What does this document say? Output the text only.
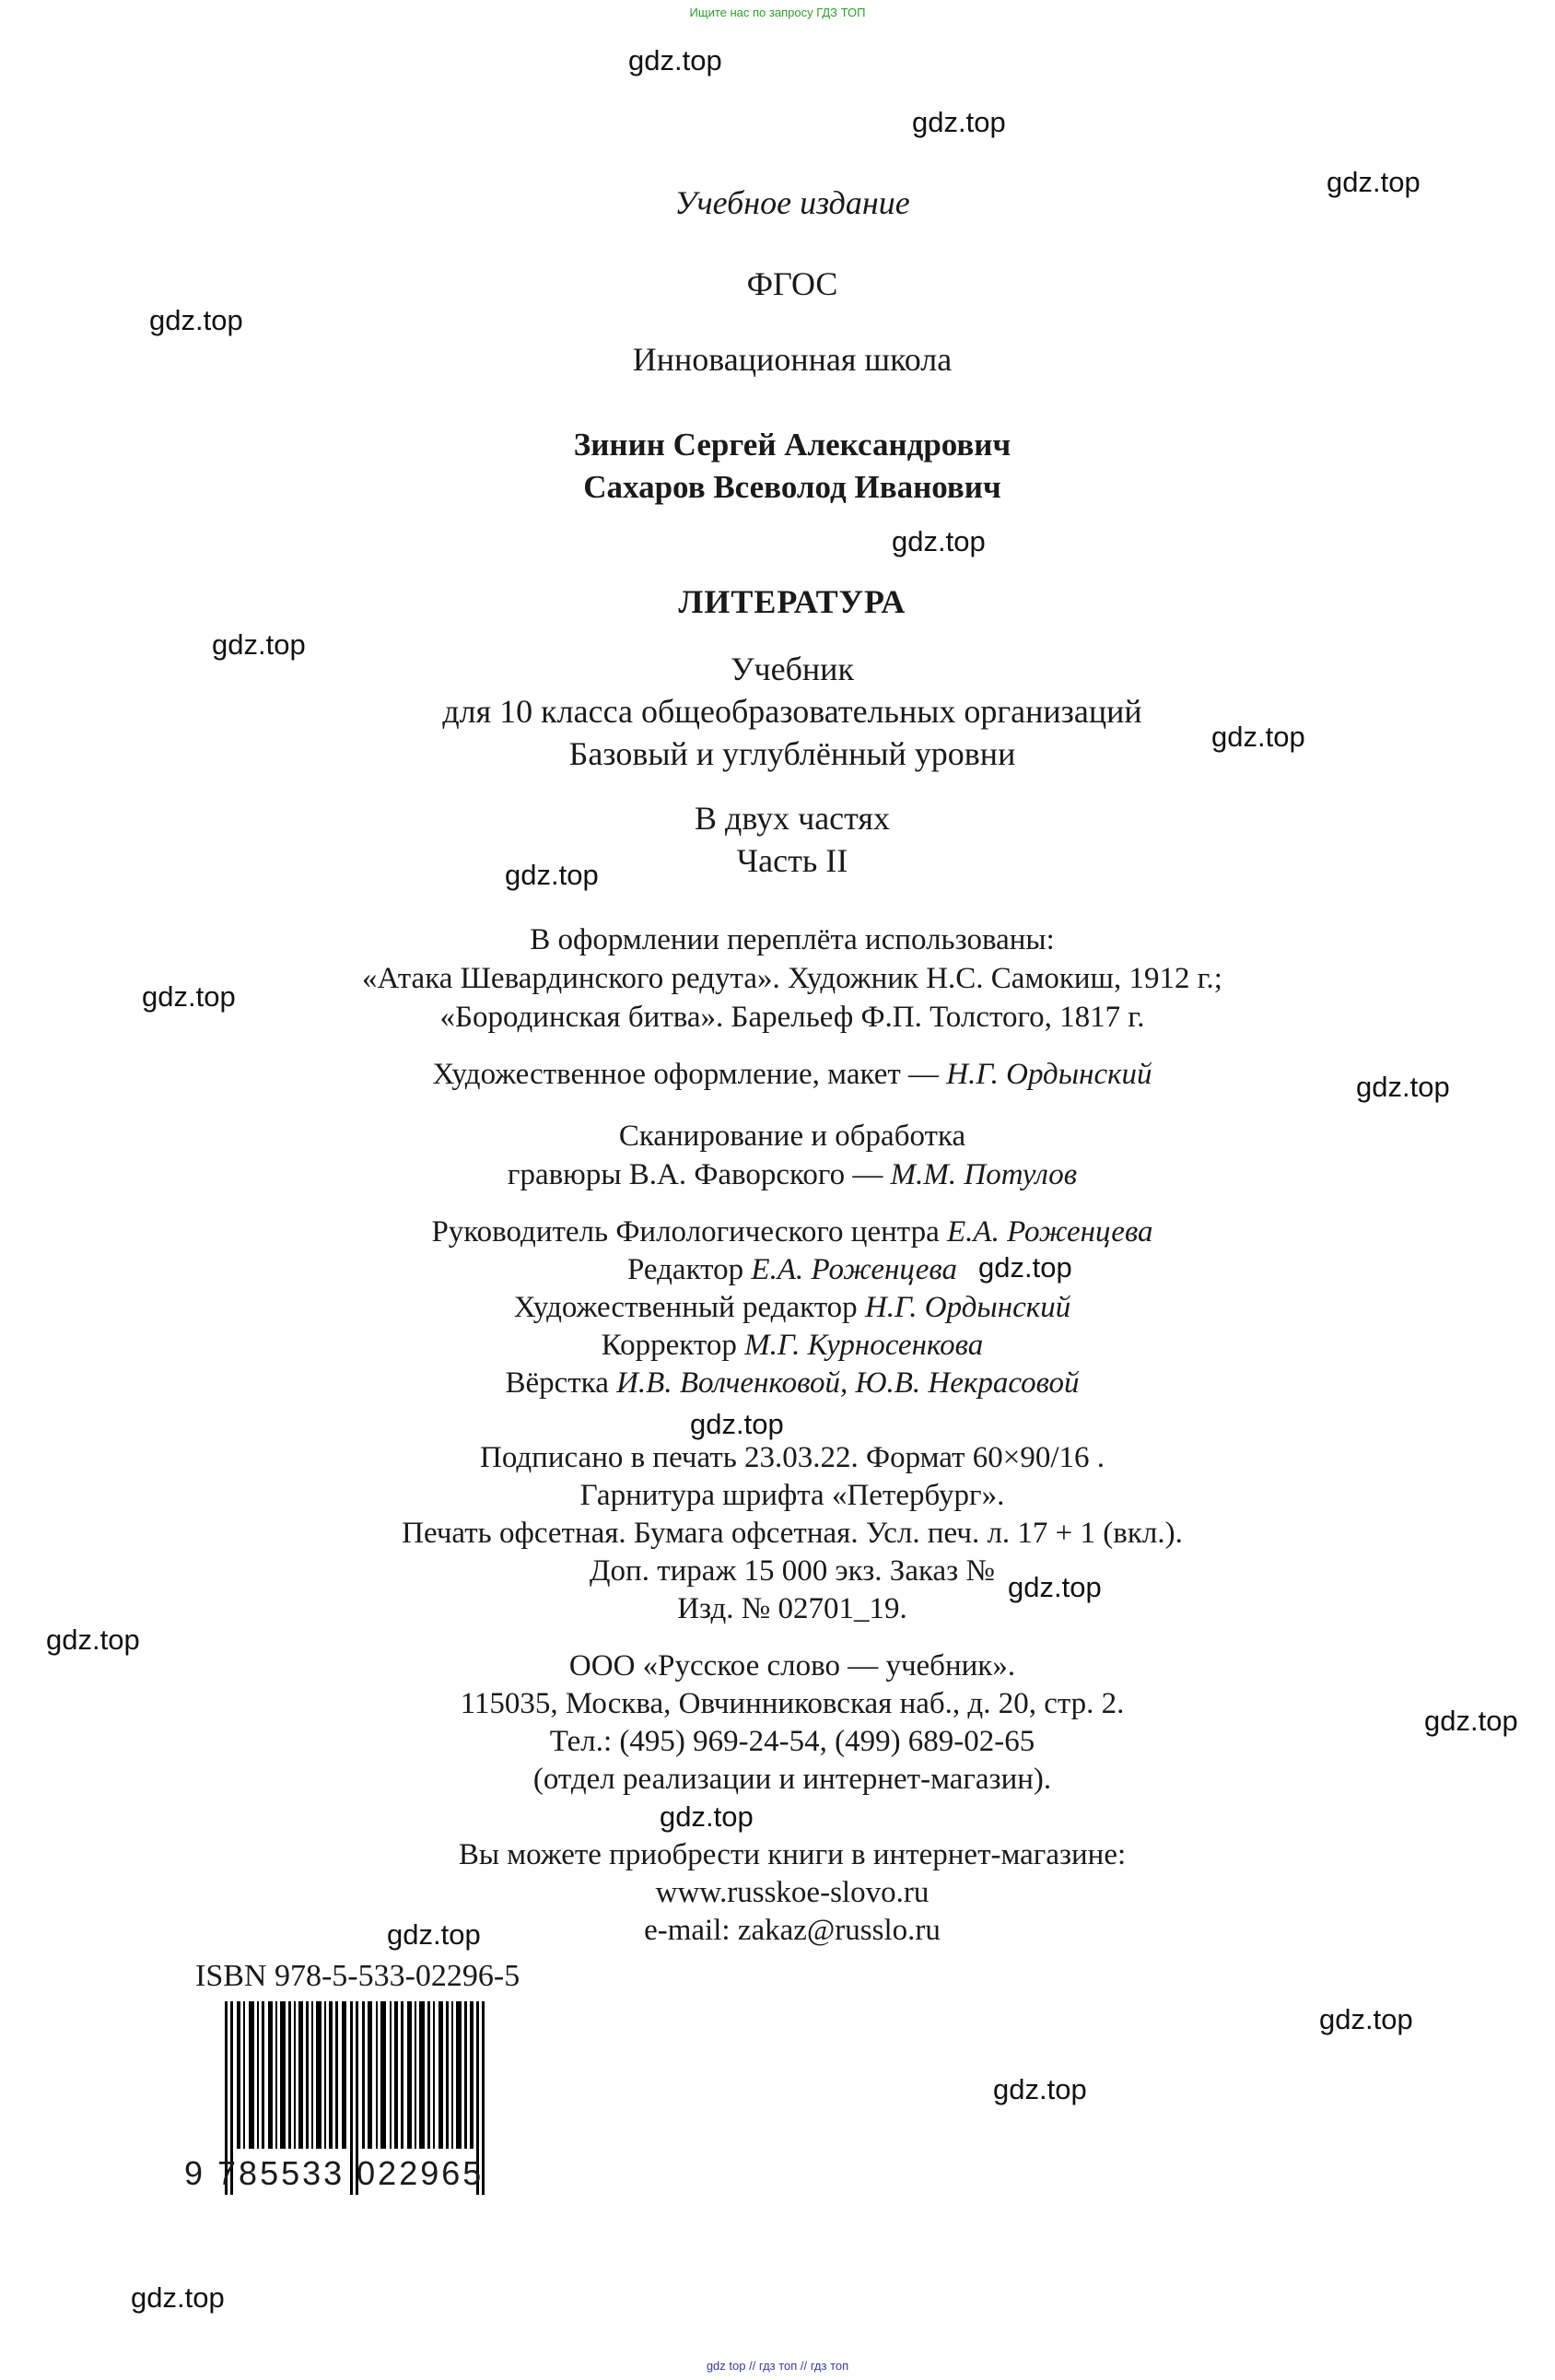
Ищите нас по запросу ГДЗ ТОП
gdz.top
gdz.top
gdz.top
gdz.top
gdz.top
gdz.top
gdz.top
gdz.top
gdz.top
gdz.top
gdz.top
gdz.top
gdz.top
gdz.top
gdz.top
gdz.top
gdz.top
gdz.top
gdz.top
gdz.top
Учебное издание
ФГОС
Инновационная школа
Зинин Сергей Александрович
Сахаров Всеволод Иванович
ЛИТЕРАТУРА
Учебник
для 10 класса общеобразовательных организаций
Базовый и углублённый уровни
В двух частях
Часть II
В оформлении переплёта использованы:
«Атака Шевардинского редута». Художник Н.С. Самокиш, 1912 г.;
«Бородинская битва». Барельеф Ф.П. Толстого, 1817 г.
Художественное оформление, макет — Н.Г. Ордынский
Сканирование и обработка
гравюры В.А. Фаворского — М.М. Потулов
Руководитель Филологического центра Е.А. Роженцева
Редактор Е.А. Роженцева
Художественный редактор Н.Г. Ордынский
Корректор М.Г. Курносенкова
Вёрстка И.В. Волченковой, Ю.В. Некрасовой
Подписано в печать 23.03.22. Формат 60×90/16 .
Гарнитура шрифта «Петербург».
Печать офсетная. Бумага офсетная. Усл. печ. л. 17 + 1 (вкл.).
Доп. тираж 15 000 экз. Заказ №
Изд. № 02701_19.
ООО «Русское слово — учебник».
115035, Москва, Овчинниковская наб., д. 20, стр. 2.
Тел.: (495) 969-24-54, (499) 689-02-65
(отдел реализации и интернет-магазин).
Вы можете приобрести книги в интернет-магазине:
www.russkoe-slovo.ru
e-mail: zakaz@russlo.ru
ISBN 978-5-533-02296-5
9 785533 022965
gdz top // гдз топ // гдз топ
